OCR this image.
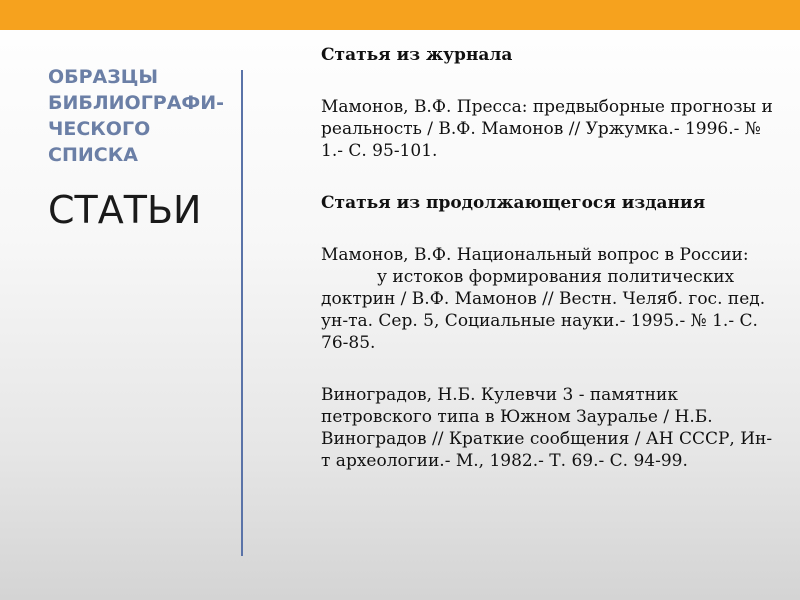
ОБРАЗЦЫ
БИБЛИОГРАФИ-
ЧЕСКОГО
СПИСКА
СТАТЬИ

Статья из журнала

Мамонов, В.Ф. Пресса: предвыборные прогнозы и реальность / В.Ф. Мамонов // Уржумка.- 1996.- № 1.- С. 95-101.

Статья из продолжающегося издания

Мамонов, В.Ф. Национальный вопрос в России:у истоков формирования политических доктрин / В.Ф. Мамонов // Вестн. Челяб. гос. пед. ун-та. Сер. 5, Социальные науки.- 1995.- № 1.- С. 76-85.

Виноградов, Н.Б. Кулевчи 3 - памятник петровского типа в Южном Зауралье / Н.Б. Виноградов // Краткие сообщения / АН СССР, Ин-т археологии.- М., 1982.- Т. 69.- С. 94-99.
